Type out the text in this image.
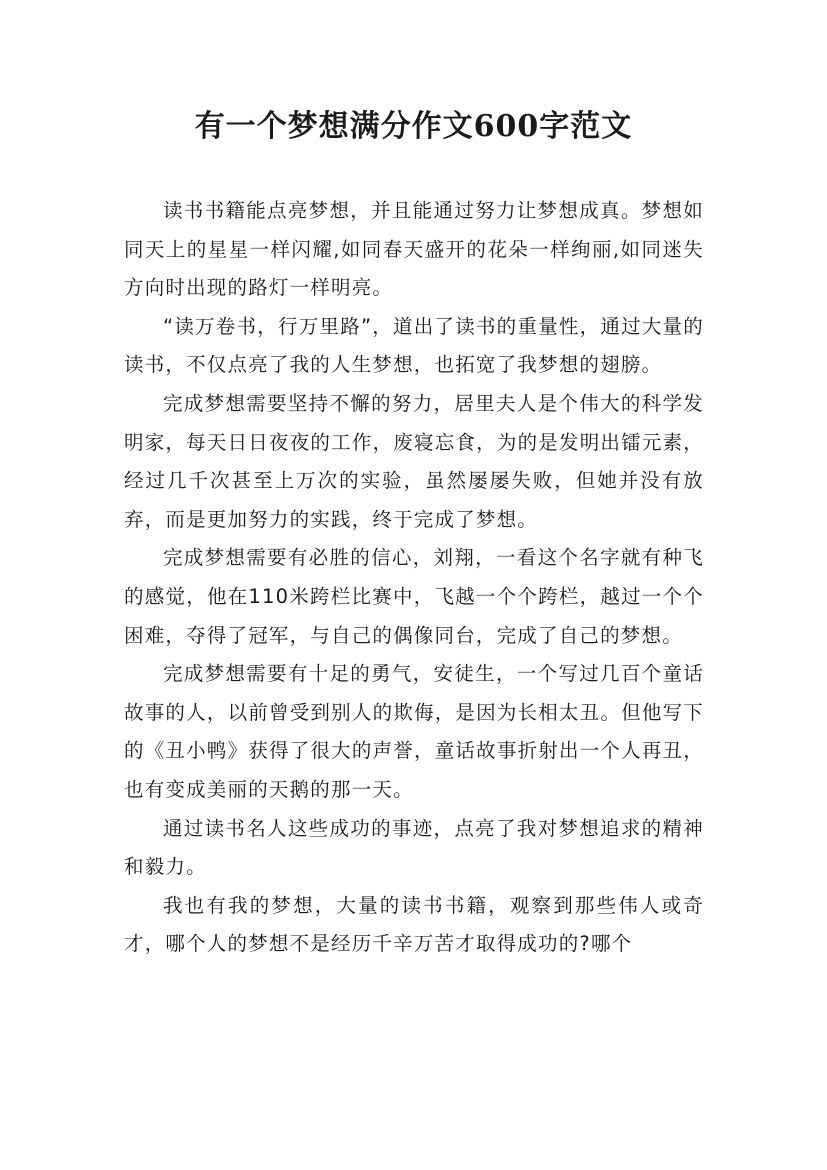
有一个梦想满分作文600字范文

读书书籍能点亮梦想，并且能通过努力让梦想成真。梦想如同天上的星星一样闪耀,如同春天盛开的花朵一样绚丽,如同迷失方向时出现的路灯一样明亮。

“读万卷书，行万里路”，道出了读书的重量性，通过大量的读书，不仅点亮了我的人生梦想，也拓宽了我梦想的翅膀。

完成梦想需要坚持不懈的努力，居里夫人是个伟大的科学发明家，每天日日夜夜的工作，废寝忘食，为的是发明出镭元素，经过几千次甚至上万次的实验，虽然屡屡失败，但她并没有放弃，而是更加努力的实践，终于完成了梦想。

完成梦想需要有必胜的信心，刘翔，一看这个名字就有种飞的感觉，他在110米跨栏比赛中，飞越一个个跨栏，越过一个个困难，夺得了冠军，与自己的偶像同台，完成了自己的梦想。

完成梦想需要有十足的勇气，安徒生，一个写过几百个童话故事的人，以前曾受到别人的欺侮，是因为长相太丑。但他写下的《丑小鸭》获得了很大的声誉，童话故事折射出一个人再丑，也有变成美丽的天鹅的那一天。

通过读书名人这些成功的事迹，点亮了我对梦想追求的精神和毅力。

我也有我的梦想，大量的读书书籍，观察到那些伟人或奇才，哪个人的梦想不是经历千辛万苦才取得成功的?哪个
